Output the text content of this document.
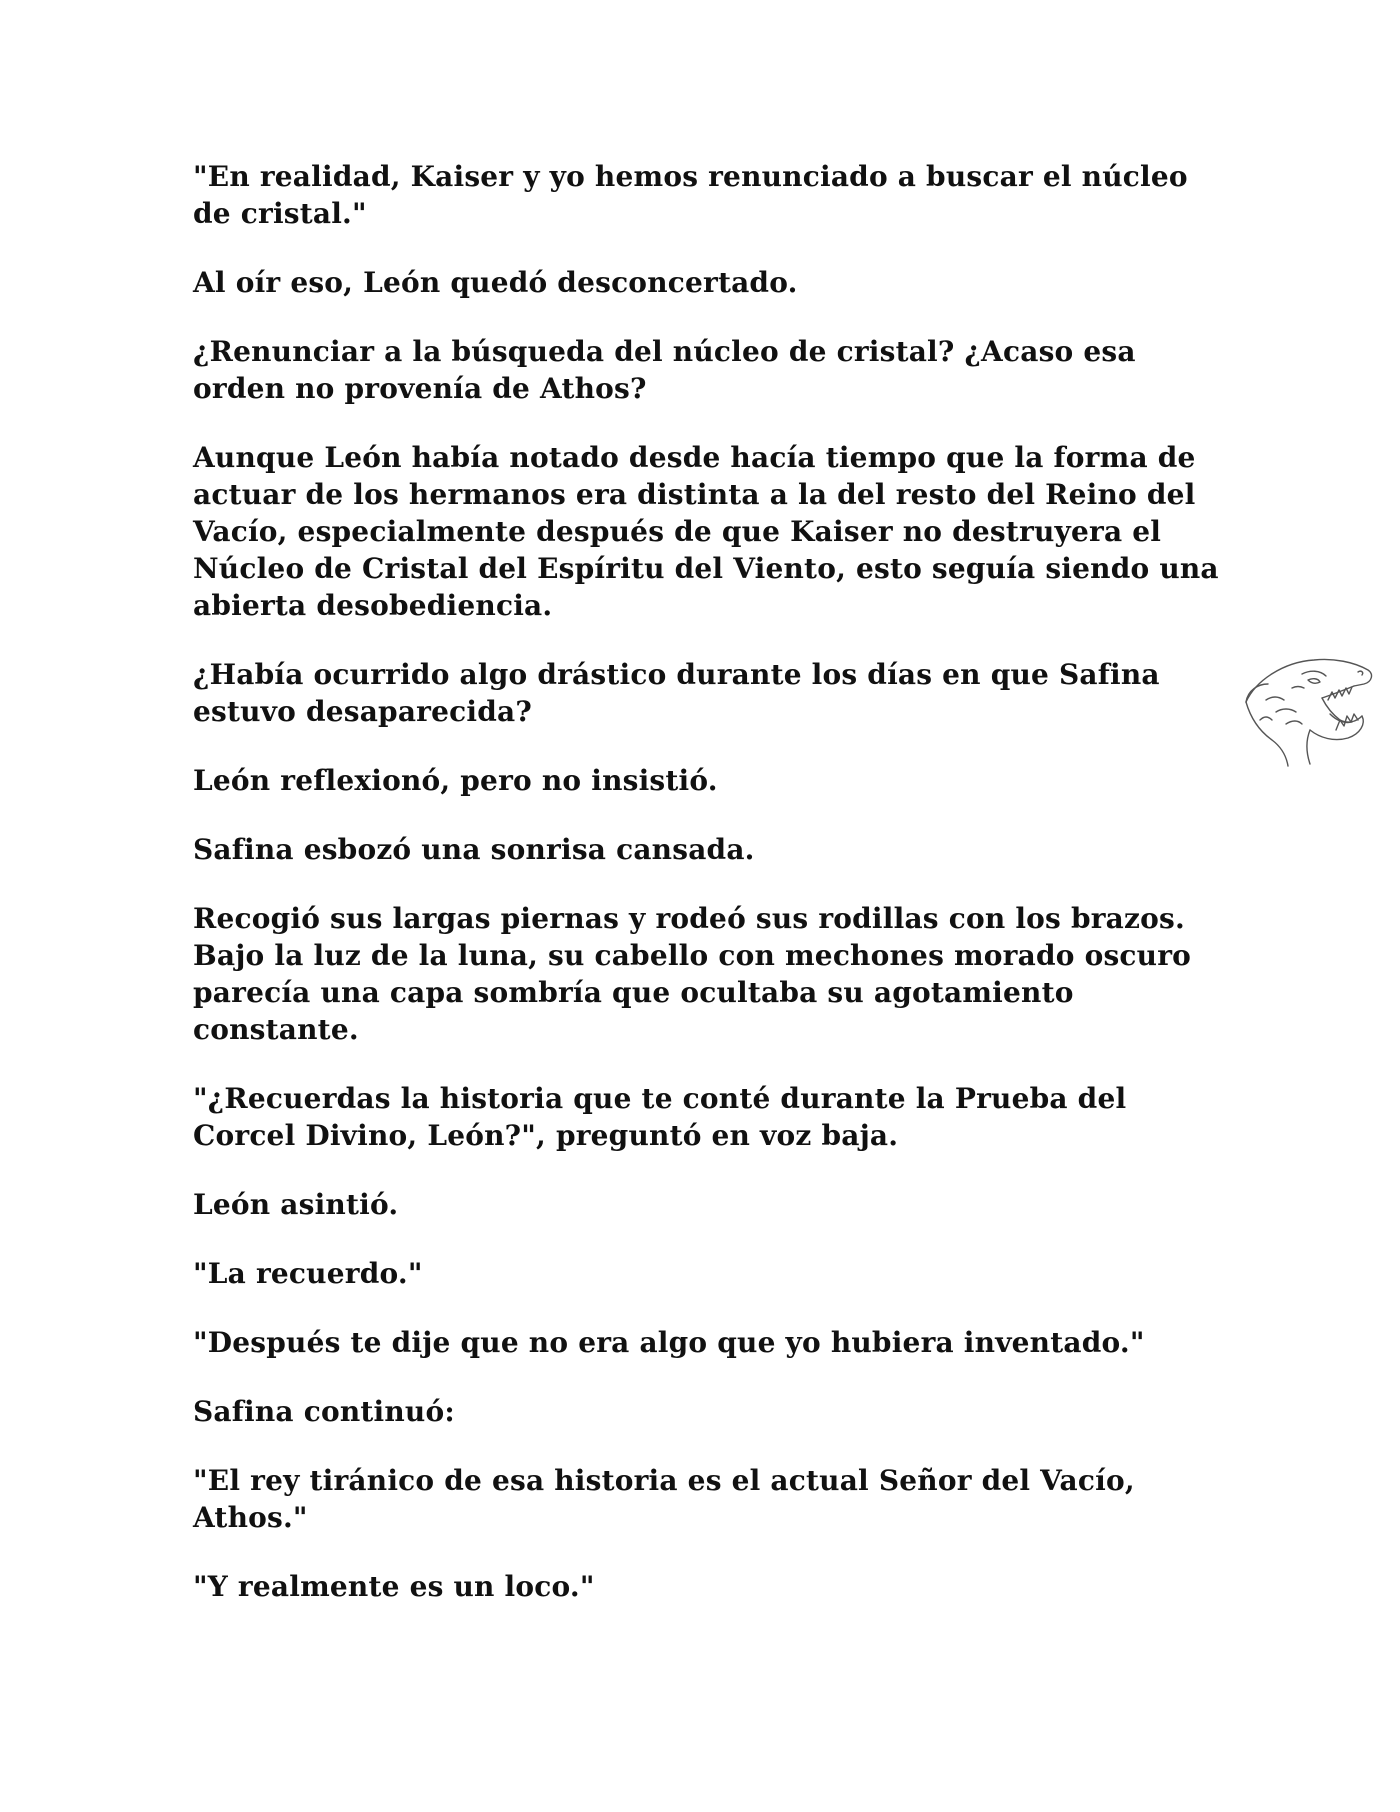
"En realidad, Kaiser y yo hemos renunciado a buscar el núcleo de cristal."

Al oír eso, León quedó desconcertado.

¿Renunciar a la búsqueda del núcleo de cristal? ¿Acaso esa orden no provenía de Athos?

Aunque León había notado desde hacía tiempo que la forma de actuar de los hermanos era distinta a la del resto del Reino del Vacío, especialmente después de que Kaiser no destruyera el Núcleo de Cristal del Espíritu del Viento, esto seguía siendo una abierta desobediencia.

¿Había ocurrido algo drástico durante los días en que Safina estuvo desaparecida?

León reflexionó, pero no insistió.

Safina esbozó una sonrisa cansada.

Recogió sus largas piernas y rodeó sus rodillas con los brazos. Bajo la luz de la luna, su cabello con mechones morado oscuro parecía una capa sombría que ocultaba su agotamiento constante.

"¿Recuerdas la historia que te conté durante la Prueba del Corcel Divino, León?", preguntó en voz baja.

León asintió.

"La recuerdo."

"Después te dije que no era algo que yo hubiera inventado."

Safina continuó:

"El rey tiránico de esa historia es el actual Señor del Vacío, Athos."

"Y realmente es un loco."
